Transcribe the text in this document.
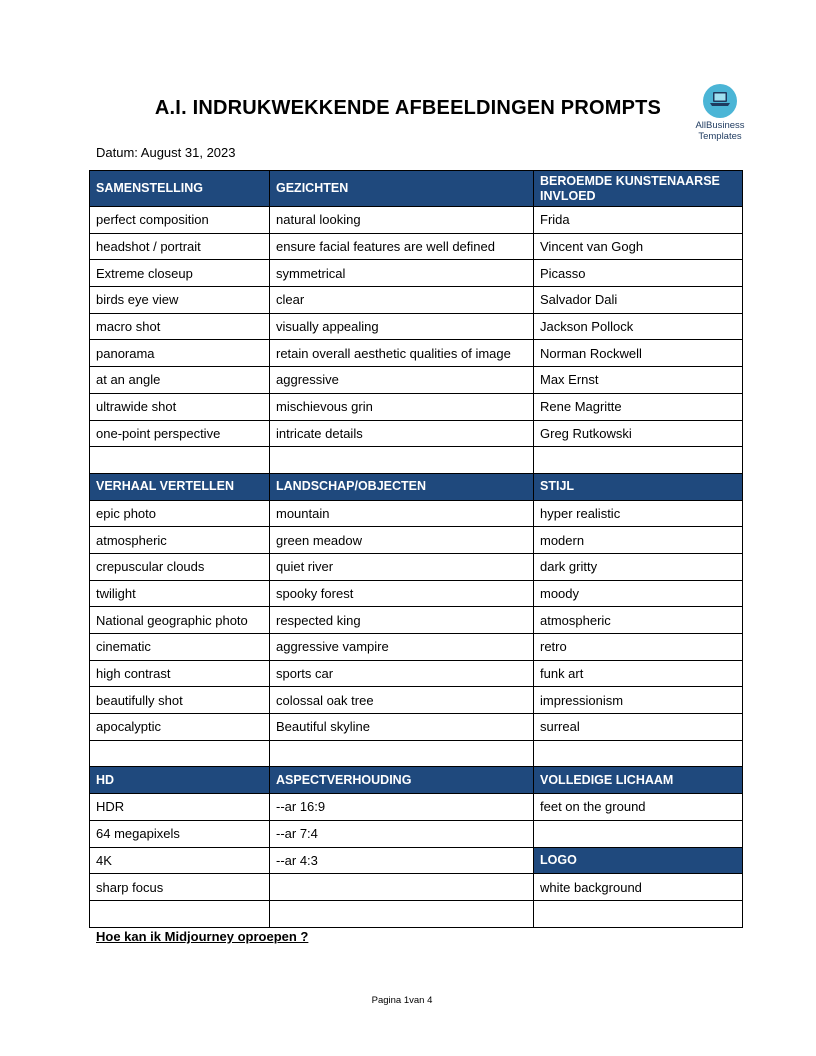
A.I. INDRUKWEKKENDE AFBEELDINGEN PROMPTS
AllBusiness
Templates
Datum: August 31, 2023
SAMENSTELLING	GEZICHTEN	BEROEMDE KUNSTENAARSE INVLOED
perfect composition	natural looking	Frida
headshot / portrait	ensure facial features are well defined	Vincent van Gogh
Extreme closeup	symmetrical	Picasso
birds eye view	clear	Salvador Dali
macro shot	visually appealing	Jackson Pollock
panorama	retain overall aesthetic qualities of image	Norman Rockwell
at an angle	aggressive	Max Ernst
ultrawide shot	mischievous grin	Rene Magritte
one-point perspective	intricate details	Greg Rutkowski

VERHAAL VERTELLEN	LANDSCHAP/OBJECTEN	STIJL
epic photo	mountain	hyper realistic
atmospheric	green meadow	modern
crepuscular clouds	quiet river	dark gritty
twilight	spooky forest	moody
National geographic photo	respected king	atmospheric
cinematic	aggressive vampire	retro
high contrast	sports car	funk art
beautifully shot	colossal oak tree	impressionism
apocalyptic	Beautiful skyline	surreal

HD	ASPECTVERHOUDING	VOLLEDIGE LICHAAM
HDR	--ar 16:9	feet on the ground
64 megapixels	--ar 7:4	
4K	--ar 4:3	LOGO
sharp focus		white background

Hoe kan ik Midjourney oproepen ?
Pagina 1van 4
